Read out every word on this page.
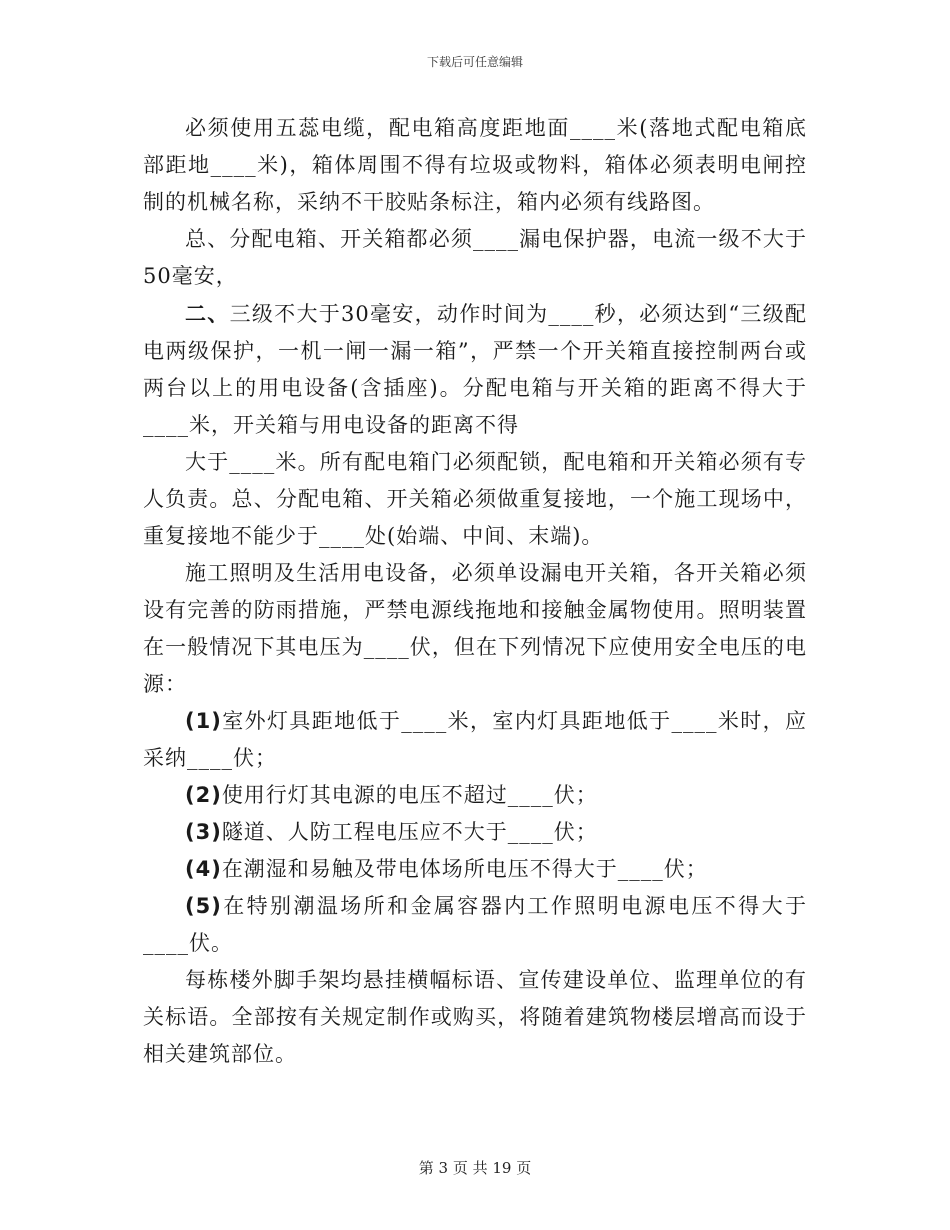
下载后可任意编辑

必须使用五蕊电缆，配电箱高度距地面____米(落地式配电箱底部距地____米)，箱体周围不得有垃圾或物料，箱体必须表明电闸控制的机械名称，采纳不干胶贴条标注，箱内必须有线路图。

总、分配电箱、开关箱都必须____漏电保护器，电流一级不大于50毫安，

二、三级不大于30毫安，动作时间为____秒，必须达到“三级配电两级保护，一机一闸一漏一箱”，严禁一个开关箱直接控制两台或两台以上的用电设备(含插座)。分配电箱与开关箱的距离不得大于____米，开关箱与用电设备的距离不得

大于____米。所有配电箱门必须配锁，配电箱和开关箱必须有专人负责。总、分配电箱、开关箱必须做重复接地，一个施工现场中，重复接地不能少于____处(始端、中间、末端)。

施工照明及生活用电设备，必须单设漏电开关箱，各开关箱必须设有完善的防雨措施，严禁电源线拖地和接触金属物使用。照明装置在一般情况下其电压为____伏，但在下列情况下应使用安全电压的电源：

(1)室外灯具距地低于____米，室内灯具距地低于____米时，应采纳____伏；

(2)使用行灯其电源的电压不超过____伏；

(3)隧道、人防工程电压应不大于____伏；

(4)在潮湿和易触及带电体场所电压不得大于____伏；

(5)在特别潮温场所和金属容器内工作照明电源电压不得大于____伏。

每栋楼外脚手架均悬挂横幅标语、宣传建设单位、监理单位的有关标语。全部按有关规定制作或购买，将随着建筑物楼层增高而设于相关建筑部位。

第 3 页 共 19 页
